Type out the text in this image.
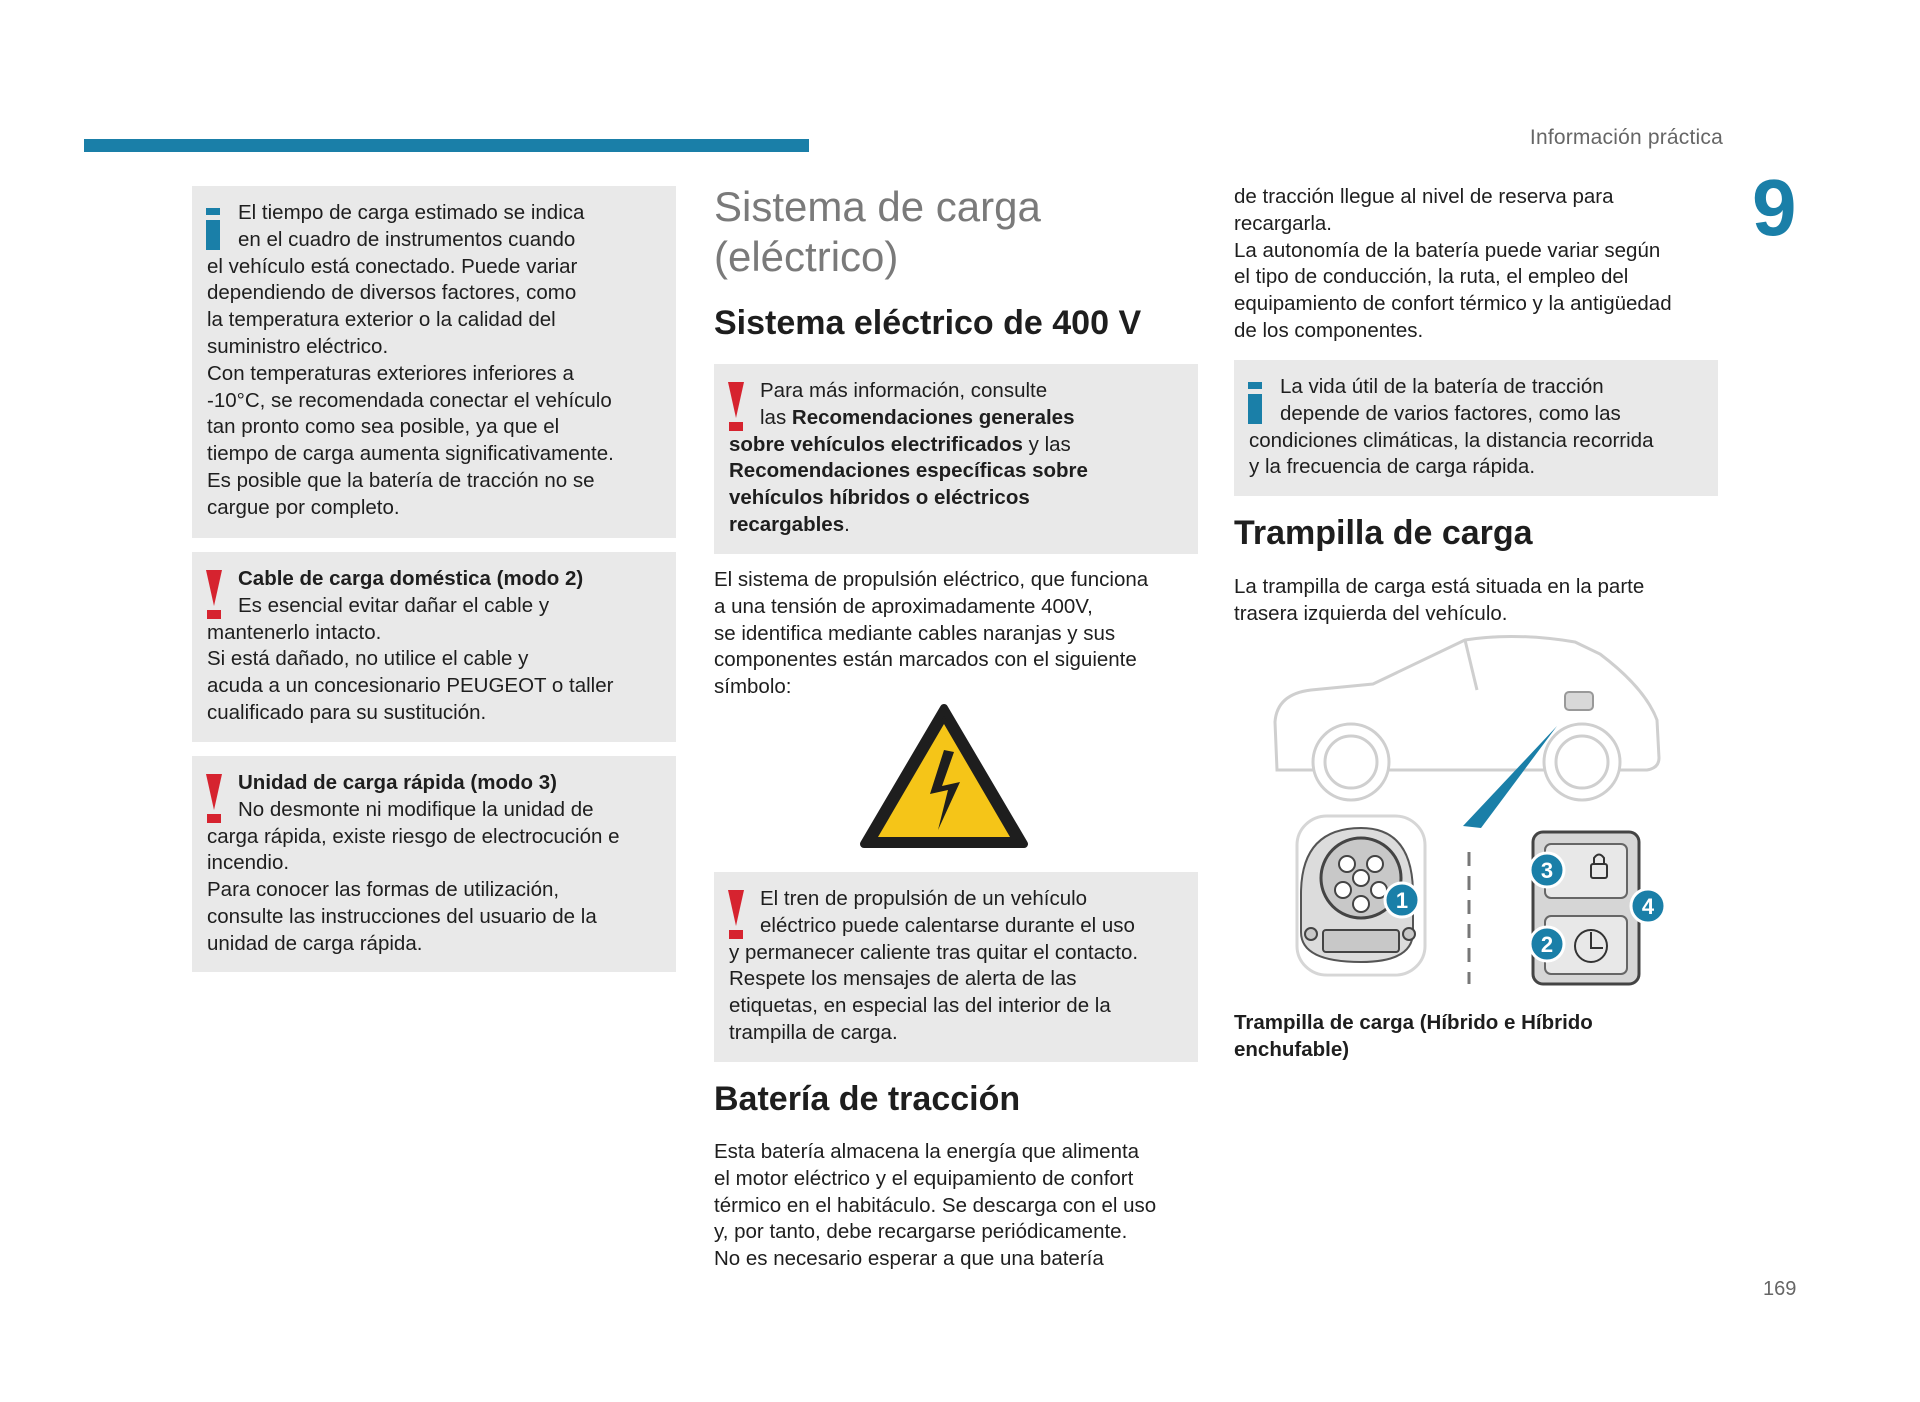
Información práctica
9
169

El tiempo de carga estimado se indica

en el cuadro de instrumentos cuando

el vehículo está conectado. Puede variar

dependiendo de diversos factores, como

la temperatura exterior o la calidad del

suministro eléctrico.

Con temperaturas exteriores inferiores a

-10°C, se recomendada conectar el vehículo

tan pronto como sea posible, ya que el

tiempo de carga aumenta significativamente.

Es posible que la batería de tracción no se

cargue por completo.

Cable de carga doméstica (modo 2)

Es esencial evitar dañar el cable y

mantenerlo intacto.

Si está dañado, no utilice el cable y

acuda a un concesionario PEUGEOT o taller

cualificado para su sustitución.

Unidad de carga rápida (modo 3)

No desmonte ni modifique la unidad de

carga rápida, existe riesgo de electrocución e

incendio.

Para conocer las formas de utilización,

consulte las instrucciones del usuario de la

unidad de carga rápida.

Sistema de carga
(eléctrico)
Sistema eléctrico de 400 V

Para más información, consulte

las Recomendaciones generales

sobre vehículos electrificados y las

Recomendaciones específicas sobre

vehículos híbridos o eléctricos

recargables.

El sistema de propulsión eléctrico, que funciona
a una tensión de aproximadamente 400V,
se identifica mediante cables naranjas y sus
componentes están marcados con el siguiente
símbolo:

El tren de propulsión de un vehículo

eléctrico puede calentarse durante el uso

y permanecer caliente tras quitar el contacto.

Respete los mensajes de alerta de las

etiquetas, en especial las del interior de la

trampilla de carga.

Batería de tracción
Esta batería almacena la energía que alimenta
el motor eléctrico y el equipamiento de confort
térmico en el habitáculo. Se descarga con el uso
y, por tanto, debe recargarse periódicamente.
No es necesario esperar a que una batería
de tracción llegue al nivel de reserva para
recargarla.
La autonomía de la batería puede variar según
el tipo de conducción, la ruta, el empleo del
equipamiento de confort térmico y la antigüedad
de los componentes.

La vida útil de la batería de tracción

depende de varios factores, como las

condiciones climáticas, la distancia recorrida

y la frecuencia de carga rápida.

Trampilla de carga
La trampilla de carga está situada en la parte
trasera izquierda del vehículo.
1
2
3
4
Trampilla de carga (Híbrido e Híbrido
enchufable)
